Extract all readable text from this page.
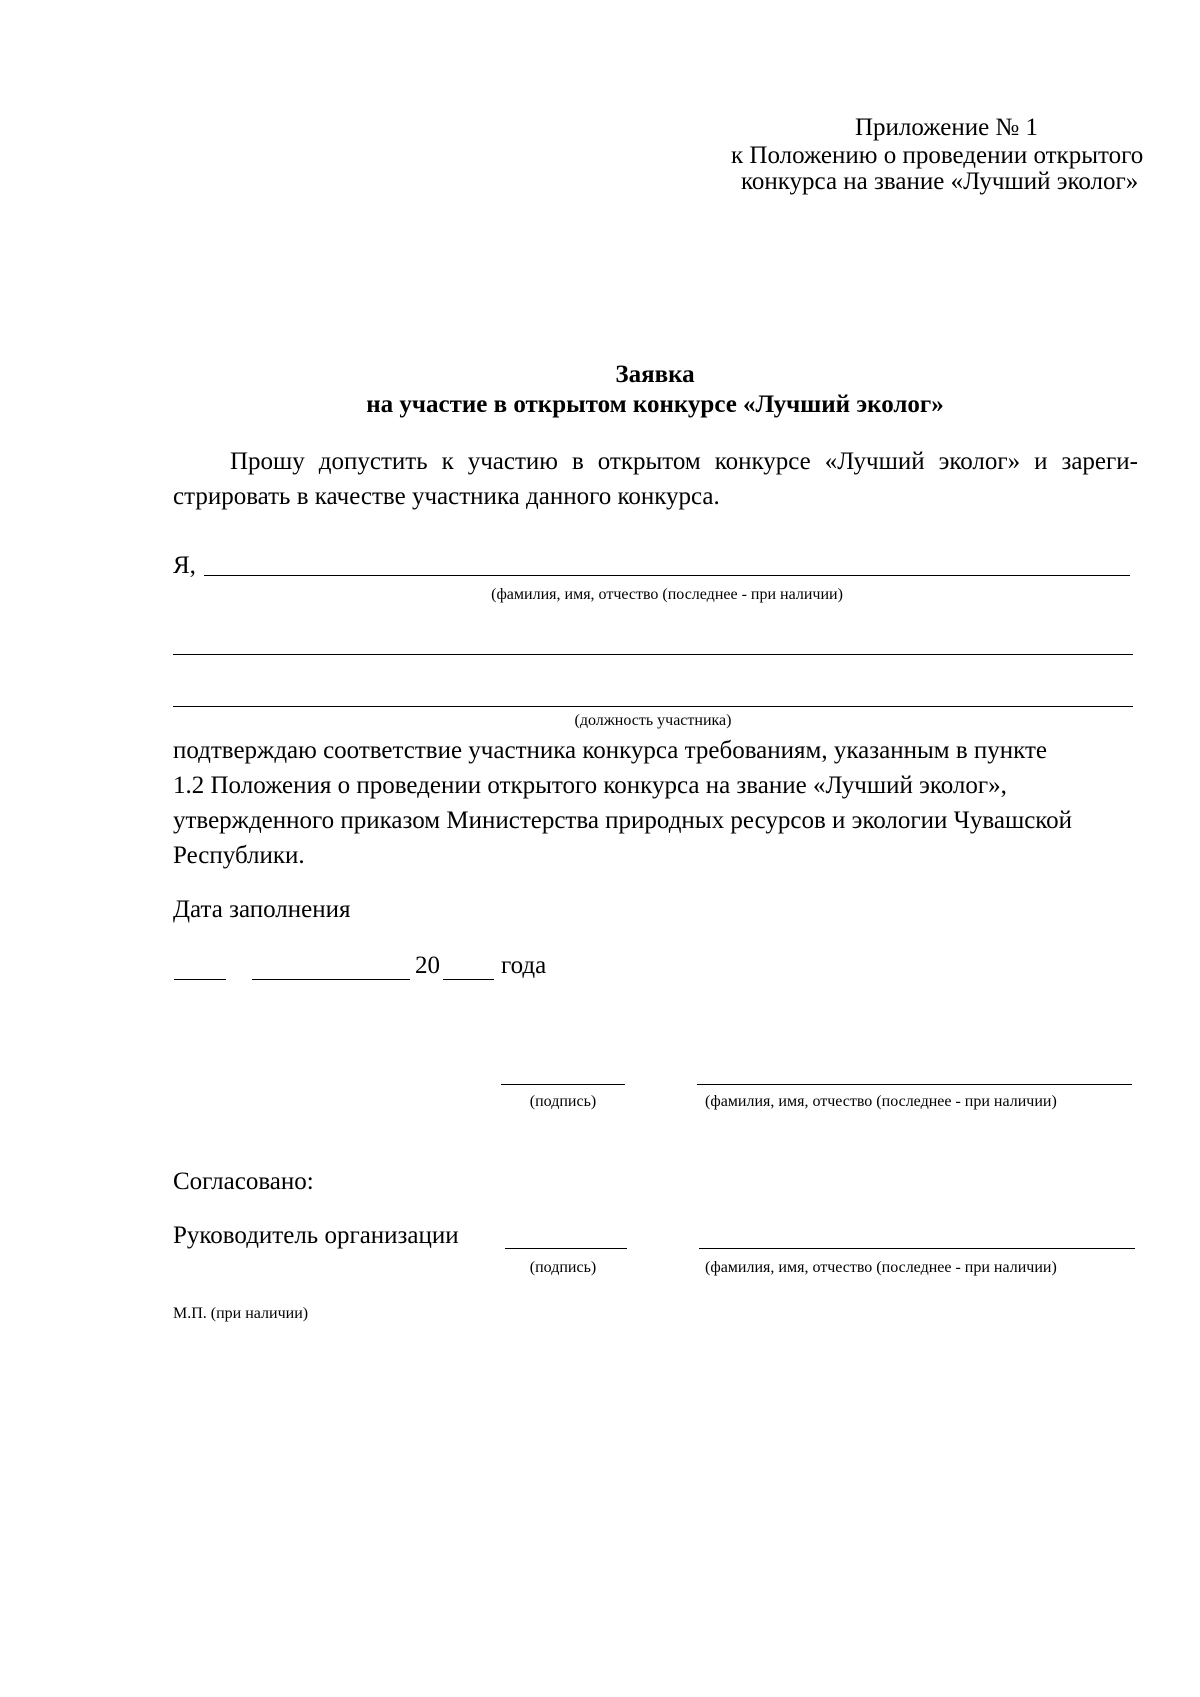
Приложение № 1
к Положению о проведении открытого
конкурса на звание «Лучший эколог»
Заявка
на участие в открытом конкурсе «Лучший эколог»
Прошу допустить к участию в открытом конкурсе «Лучший эколог» и зареги-
стрировать в качестве участника данного конкурса.
Я,
(фамилия, имя, отчество (последнее - при наличии)
(должность участника)
подтверждаю соответствие участника конкурса требованиям, указанным в пункте
1.2 Положения о проведении открытого конкурса на звание «Лучший эколог»,
утвержденного приказом Министерства природных ресурсов и экологии Чувашской
Республики.
Дата заполнения
20 года
(подпись)	(фамилия, имя, отчество (последнее - при наличии)
Согласовано:
Руководитель организации
(подпись)	(фамилия, имя, отчество (последнее - при наличии)
М.П. (при наличии)
